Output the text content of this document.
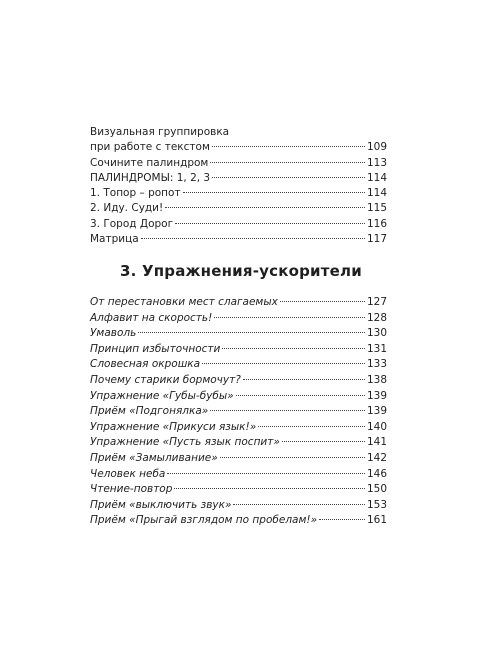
Визуальная группировка
при работе с текстом	109
Сочините палиндром	113
ПАЛИНДРОМЫ: 1, 2, 3	114
1. Топор – ропот	114
2. Иду. Суди!	115
3. Город Дорог	116
Матрица	117
3. Упражнения-ускорители
От перестановки мест слагаемых	127
Алфавит на скорость!	128
Умаволь	130
Принцип избыточности	131
Словесная окрошка	133
Почему старики бормочут?	138
Упражнение «Губы-бубы»	139
Приём «Подгонялка»	139
Упражнение «Прикуси язык!»	140
Упражнение «Пусть язык поспит»	141
Приём «Замыливание»	142
Человек неба	146
Чтение-повтор	150
Приём «выключить звук»	153
Приём «Прыгай взглядом по пробелам!»	161
